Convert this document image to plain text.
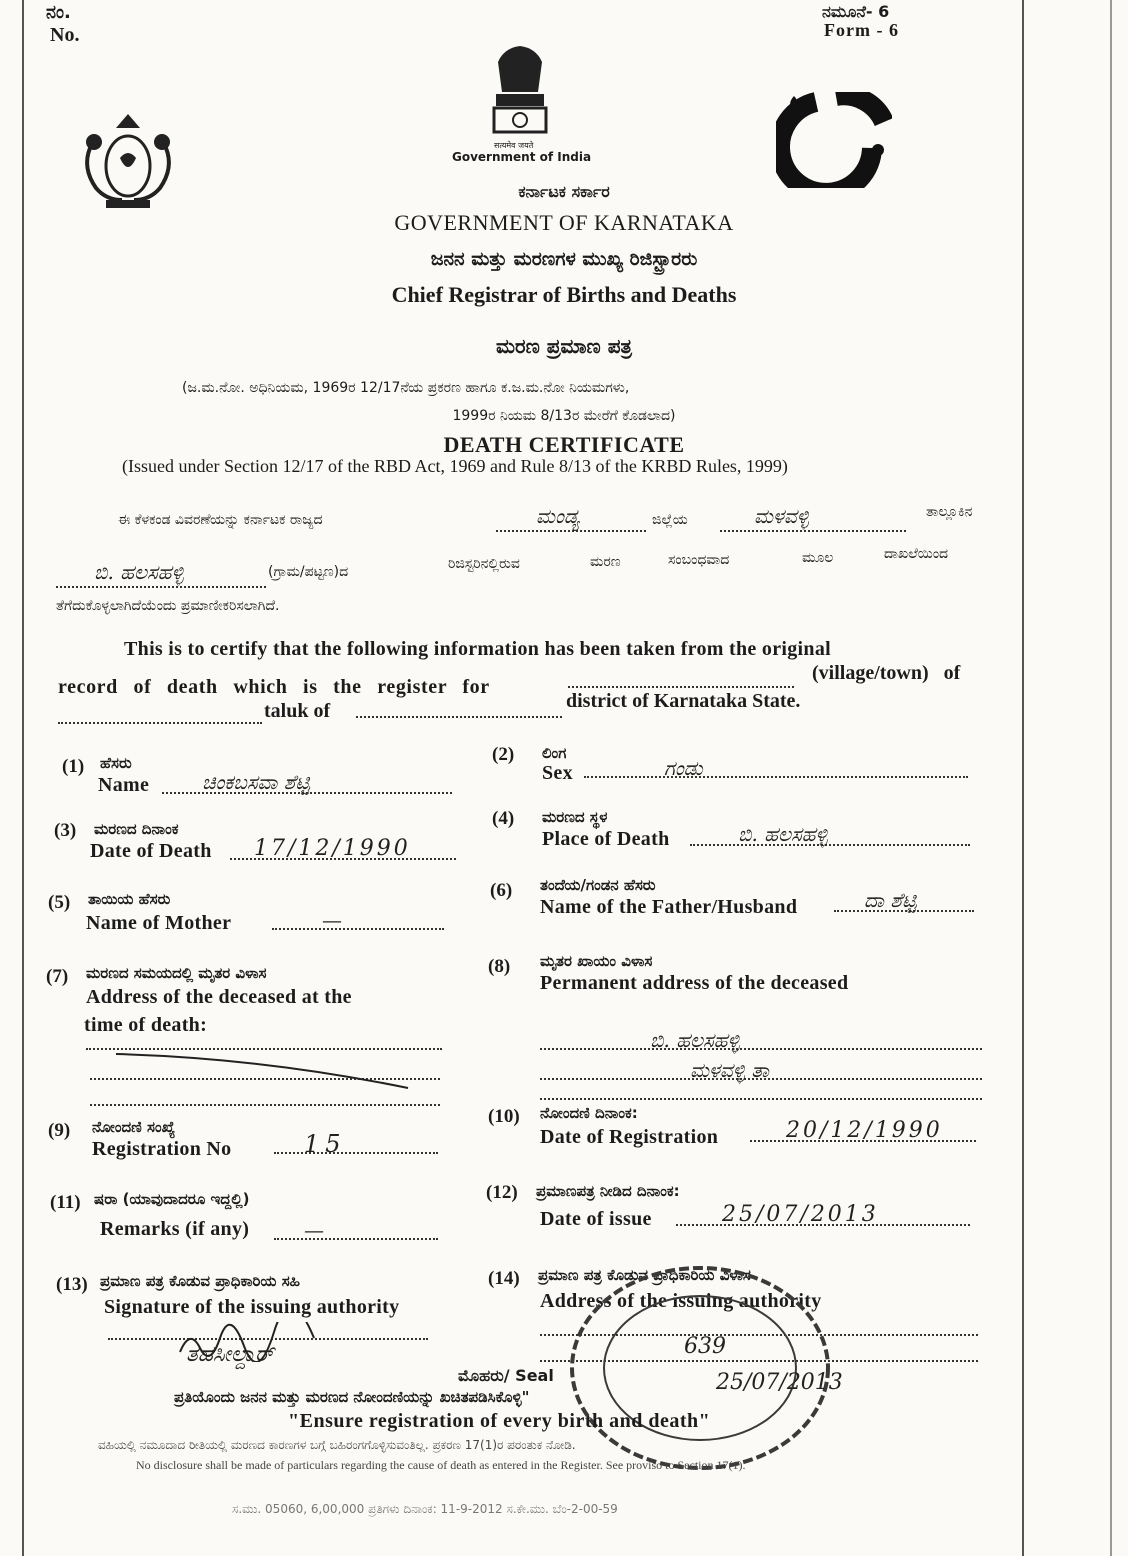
ನಂ.
No.
ನಮೂನೆ- 6
Form - 6
सत्यमेव जयते
Government of India
ಕರ್ನಾಟಕ ಸರ್ಕಾರ
GOVERNMENT OF KARNATAKA
ಜನನ ಮತ್ತು ಮರಣಗಳ ಮುಖ್ಯ ರಿಜಿಸ್ಟ್ರಾರರು
Chief Registrar of Births and Deaths
ಮರಣ ಪ್ರಮಾಣ ಪತ್ರ
(ಜ.ಮ.ನೋ. ಅಧಿನಿಯಮ, 1969ರ 12/17ನೆಯ ಪ್ರಕರಣ ಹಾಗೂ ಕ.ಜ.ಮ.ನೋ ನಿಯಮಗಳು,
1999ರ ನಿಯಮ 8/13ರ ಮೇರೆಗೆ ಕೊಡಲಾದ)
DEATH CERTIFICATE
(Issued under Section 12/17 of the RBD Act, 1969 and Rule 8/13 of the KRBD Rules, 1999)
ಈ ಕೆಳಕಂಡ ವಿವರಣೆಯನ್ನು ಕರ್ನಾಟಕ ರಾಜ್ಯದ	ಮಂಡ್ಯ	ಜಿಲ್ಲೆಯ	ಮಳವಳ್ಳಿ	ತಾಲ್ಲೂಕಿನ
ಬಿ. ಹಲಸಹಳ್ಳಿ	(ಗ್ರಾಮ/ಪಟ್ಟಣ)ದ	ರಿಜಿಸ್ಟರಿನಲ್ಲಿರುವ	ಮರಣ	ಸಂಬಂಧವಾದ	ಮೂಲ	ದಾಖಲೆಯಿಂದ
ತೆಗೆದುಕೊಳ್ಳಲಾಗಿದೆಯೆಂದು ಪ್ರಮಾಣೀಕರಿಸಲಾಗಿದೆ.
This is to certify that the following information has been taken from the original
record of death which is the register for
(village/town) of
taluk of	district of Karnataka State.
(1) ಹೆಸರು
Name	ಚಿಂಕಬಸವಾ ಶೆಟ್ಟಿ
(2) ಲಿಂಗ
Sex	ಗಂಡು
(3) ಮರಣದ ದಿನಾಂಕ
Date of Death	17/12/1990
(4) ಮರಣದ ಸ್ಥಳ
Place of Death	ಬಿ. ಹಲಸಹಳ್ಳಿ
(5) ತಾಯಿಯ ಹೆಸರು
Name of Mother	—
(6) ತಂದೆಯ/ಗಂಡನ ಹೆಸರು
Name of the Father/Husband	ದಾ ಶೆಟ್ಟಿ
(7) ಮರಣದ ಸಮಯದಲ್ಲಿ ಮೃತರ ವಿಳಾಸ
Address of the deceased at the
time of death:
(8) ಮೃತರ ಖಾಯಂ ವಿಳಾಸ
Permanent address of the deceased
ಬಿ. ಹಲಸಹಳ್ಳಿ
ಮಳವಳ್ಳಿ ತಾ
(9) ನೋಂದಣಿ ಸಂಖ್ಯೆ
Registration No	15
(10) ನೋಂದಣಿ ದಿನಾಂಕ:
Date of Registration	20/12/1990
(11) ಷರಾ (ಯಾವುದಾದರೂ ಇದ್ದಲ್ಲಿ)
Remarks (if any)	—
(12) ಪ್ರಮಾಣಪತ್ರ ನೀಡಿದ ದಿನಾಂಕ:
Date of issue	25/07/2013
(13) ಪ್ರಮಾಣ ಪತ್ರ ಕೊಡುವ ಪ್ರಾಧಿಕಾರಿಯ ಸಹಿ
Signature of the issuing authority
ತಹಸೀಲ್ದಾರ್
(14) ಪ್ರಮಾಣ ಪತ್ರ ಕೊಡುವ ಪ್ರಾಧಿಕಾರಿಯ ವಿಳಾಸ
Address of the issuing authority
639
25/07/2013
ಮೊಹರು/ Seal
ಪ್ರತಿಯೊಂದು ಜನನ ಮತ್ತು ಮರಣದ ನೋಂದಣಿಯನ್ನು ಖಚಿತಪಡಿಸಿಕೊಳ್ಳಿ"
"Ensure registration of every birth and death"
ವಹಿಯಲ್ಲಿ ನಮೂದಾದ ರೀತಿಯಲ್ಲಿ ಮರಣದ ಕಾರಣಗಳ ಬಗ್ಗೆ ಬಹಿರಂಗಗೊಳ್ಳಿಸುವಂತಿಲ್ಲ. ಪ್ರಕರಣ 17(1)ರ ಪರಂತುಕ ನೋಡಿ.
No disclosure shall be made of particulars regarding the cause of death as entered in the Register. See proviso to Section 17(1).
ಸ.ಮು. 05060, 6,00,000 ಪ್ರತಿಗಳು ದಿನಾಂಕ: 11-9-2012 ಸ.ಕೇ.ಮು. ಬೆಂ-2-00-59
